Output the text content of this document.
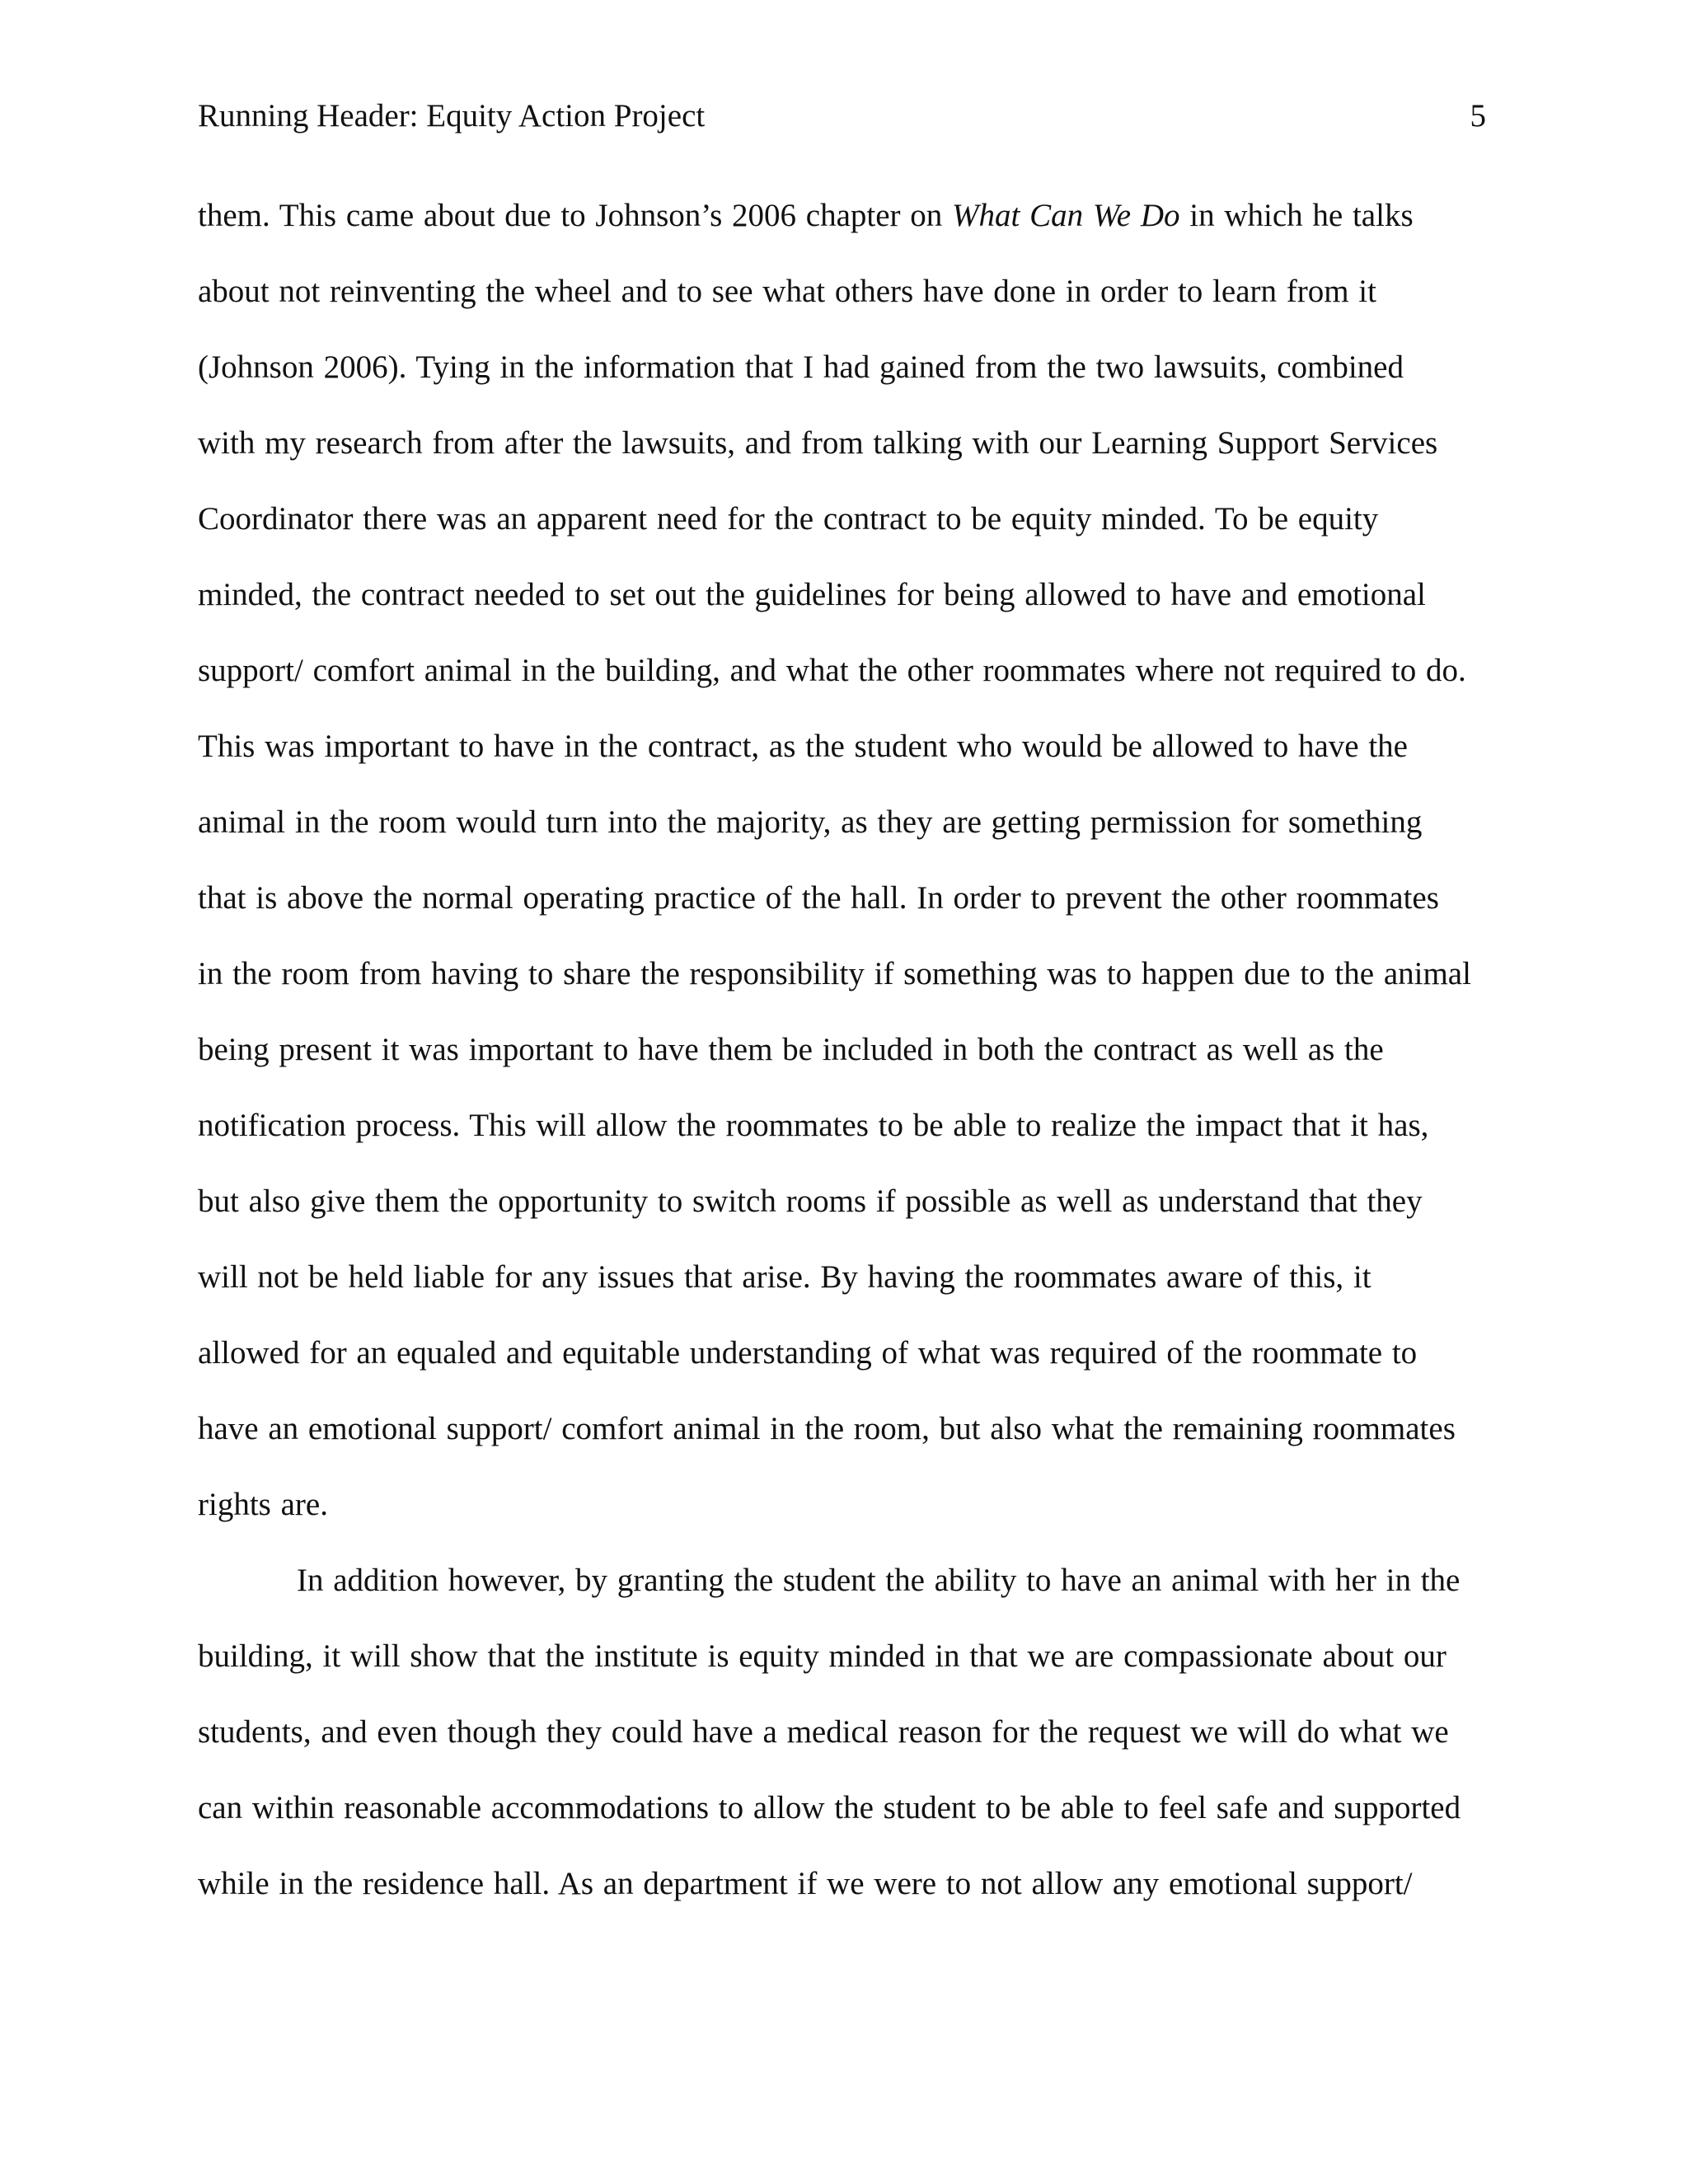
Running Header: Equity Action Project	5
them. This came about due to Johnson’s 2006 chapter on What Can We Do in which he talks
about not reinventing the wheel and to see what others have done in order to learn from it
(Johnson 2006). Tying in the information that I had gained from the two lawsuits, combined
with my research from after the lawsuits, and from talking with our Learning Support Services
Coordinator there was an apparent need for the contract to be equity minded. To be equity
minded, the contract needed to set out the guidelines for being allowed to have and emotional
support/ comfort animal in the building, and what the other roommates where not required to do.
This was important to have in the contract, as the student who would be allowed to have the
animal in the room would turn into the majority, as they are getting permission for something
that is above the normal operating practice of the hall. In order to prevent the other roommates
in the room from having to share the responsibility if something was to happen due to the animal
being present it was important to have them be included in both the contract as well as the
notification process. This will allow the roommates to be able to realize the impact that it has,
but also give them the opportunity to switch rooms if possible as well as understand that they
will not be held liable for any issues that arise. By having the roommates aware of this, it
allowed for an equaled and equitable understanding of what was required of the roommate to
have an emotional support/ comfort animal in the room, but also what the remaining roommates
rights are.
In addition however, by granting the student the ability to have an animal with her in the
building, it will show that the institute is equity minded in that we are compassionate about our
students, and even though they could have a medical reason for the request we will do what we
can within reasonable accommodations to allow the student to be able to feel safe and supported
while in the residence hall. As an department if we were to not allow any emotional support/
